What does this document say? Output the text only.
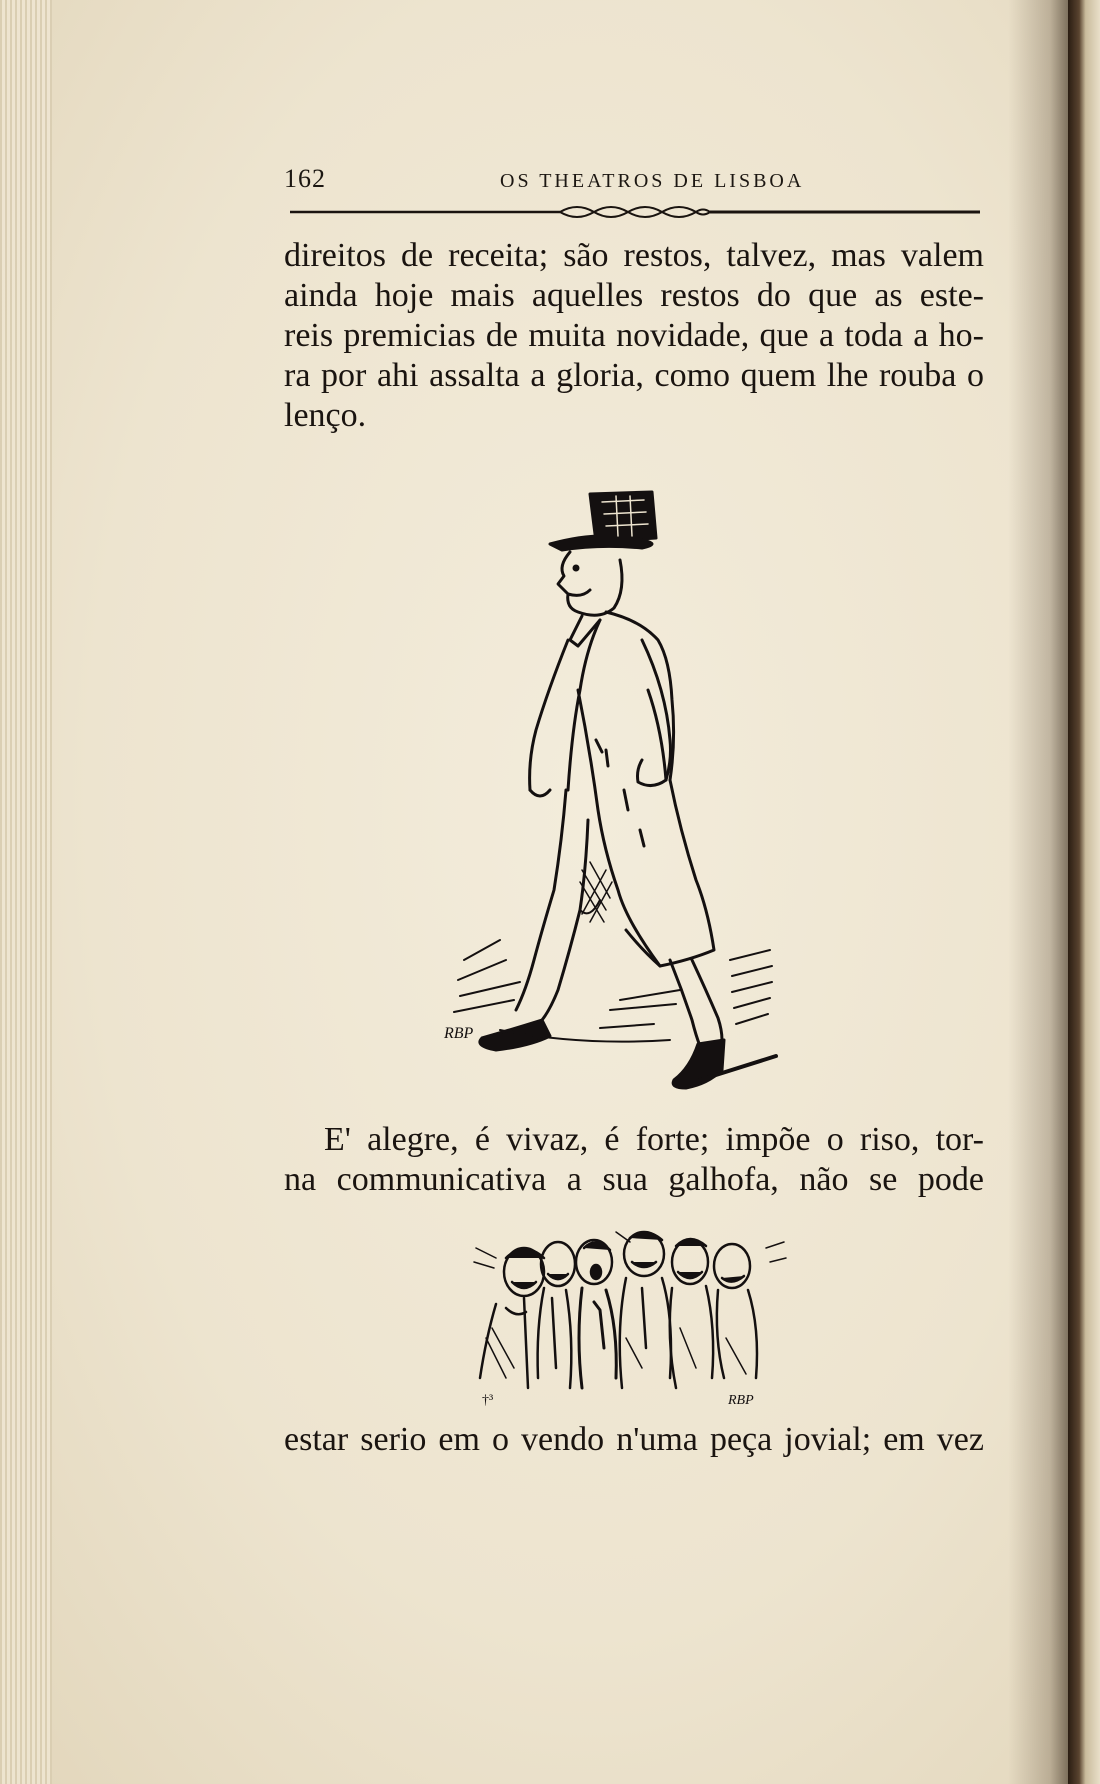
162	OS THEATROS DE LISBOA
direitos de receita; são restos, talvez, mas valem
ainda hoje mais aquelles restos do que as este-
reis premicias de muita novidade, que a toda a ho-
ra por ahi assalta a gloria, como quem lhe rouba o
lenço.
RBP
E' alegre, é vivaz, é forte; impõe o riso, tor-
na communicativa a sua galhofa, não se pode
†³	RBP
estar serio em o vendo n'uma peça jovial; em vez
